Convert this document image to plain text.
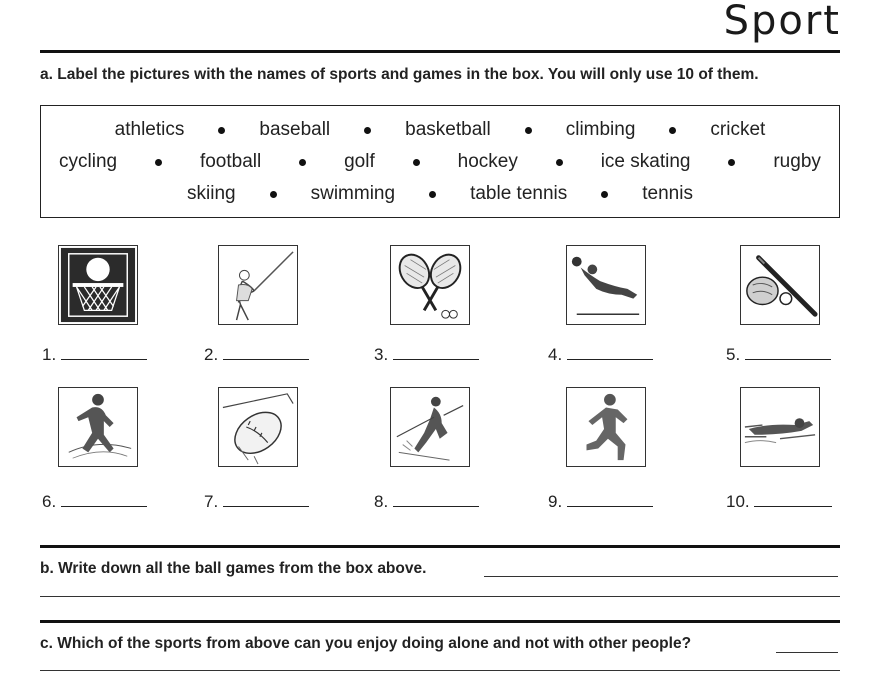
Sport
a. Label the pictures with the names of sports and games in the box. You will only use 10 of them.
athletics	baseball	basketball	climbing	cricket
cycling	football	golf	hockey	ice skating	rugby
skiing	swimming	table tennis	tennis
1.	2.	3.	4.	5.
6.	7.	8.	9.	10.
b. Write down all the ball games from the box above.
c. Which of the sports from above can you enjoy doing alone and not with other people?
